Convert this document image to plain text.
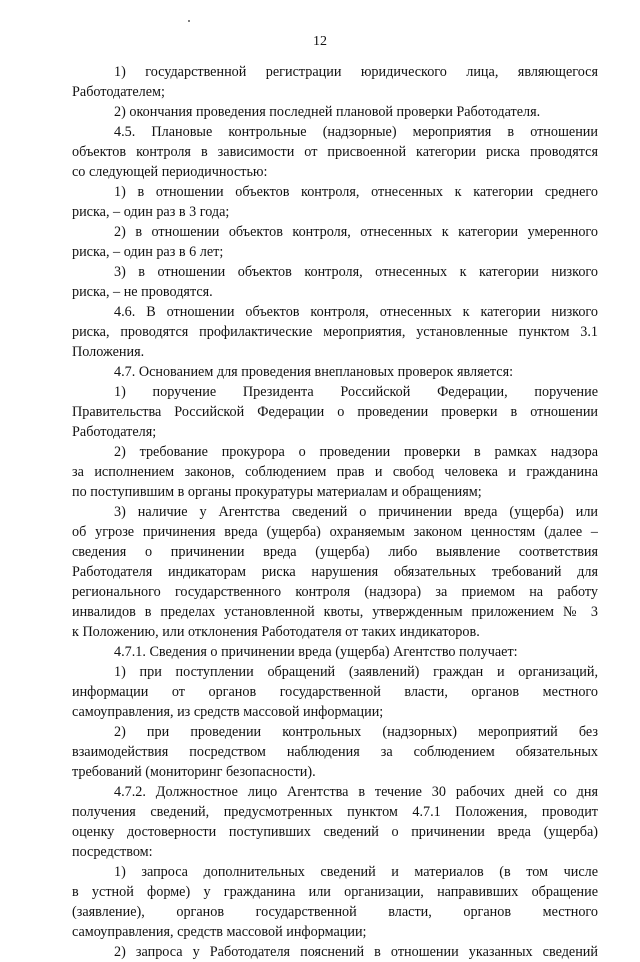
12
1) государственной регистрации юридического лица, являющегося
Работодателем;
2) окончания проведения последней плановой проверки Работодателя.
4.5. Плановые контрольные (надзорные) мероприятия в отношении
объектов контроля в зависимости от присвоенной категории риска проводятся
со следующей периодичностью:
1) в отношении объектов контроля, отнесенных к категории среднего
риска, – один раз в 3 года;
2) в отношении объектов контроля, отнесенных к категории умеренного
риска, – один раз в 6 лет;
3) в отношении объектов контроля, отнесенных к категории низкого
риска, – не проводятся.
4.6. В отношении объектов контроля, отнесенных к категории низкого
риска, проводятся профилактические мероприятия, установленные пунктом 3.1
Положения.
4.7. Основанием для проведения внеплановых проверок является:
1) поручение Президента Российской Федерации, поручение
Правительства Российской Федерации о проведении проверки в отношении
Работодателя;
2) требование прокурора о проведении проверки в рамках надзора
за исполнением законов, соблюдением прав и свобод человека и гражданина
по поступившим в органы прокуратуры материалам и обращениям;
3) наличие у Агентства сведений о причинении вреда (ущерба) или
об угрозе причинения вреда (ущерба) охраняемым законом ценностям (далее –
сведения о причинении вреда (ущерба) либо выявление соответствия
Работодателя индикаторам риска нарушения обязательных требований для
регионального государственного контроля (надзора) за приемом на работу
инвалидов в пределах установленной квоты, утвержденным приложением № 3
к Положению, или отклонения Работодателя от таких индикаторов.
4.7.1. Сведения о причинении вреда (ущерба) Агентство получает:
1) при поступлении обращений (заявлений) граждан и организаций,
информации от органов государственной власти, органов местного
самоуправления, из средств массовой информации;
2) при проведении контрольных (надзорных) мероприятий без
взаимодействия посредством наблюдения за соблюдением обязательных
требований (мониторинг безопасности).
4.7.2. Должностное лицо Агентства в течение 30 рабочих дней со дня
получения сведений, предусмотренных пунктом 4.7.1 Положения, проводит
оценку достоверности поступивших сведений о причинении вреда (ущерба)
посредством:
1) запроса дополнительных сведений и материалов (в том числе
в устной форме) у гражданина или организации, направивших обращение
(заявление), органов государственной власти, органов местного
самоуправления, средств массовой информации;
2) запроса у Работодателя пояснений в отношении указанных сведений
